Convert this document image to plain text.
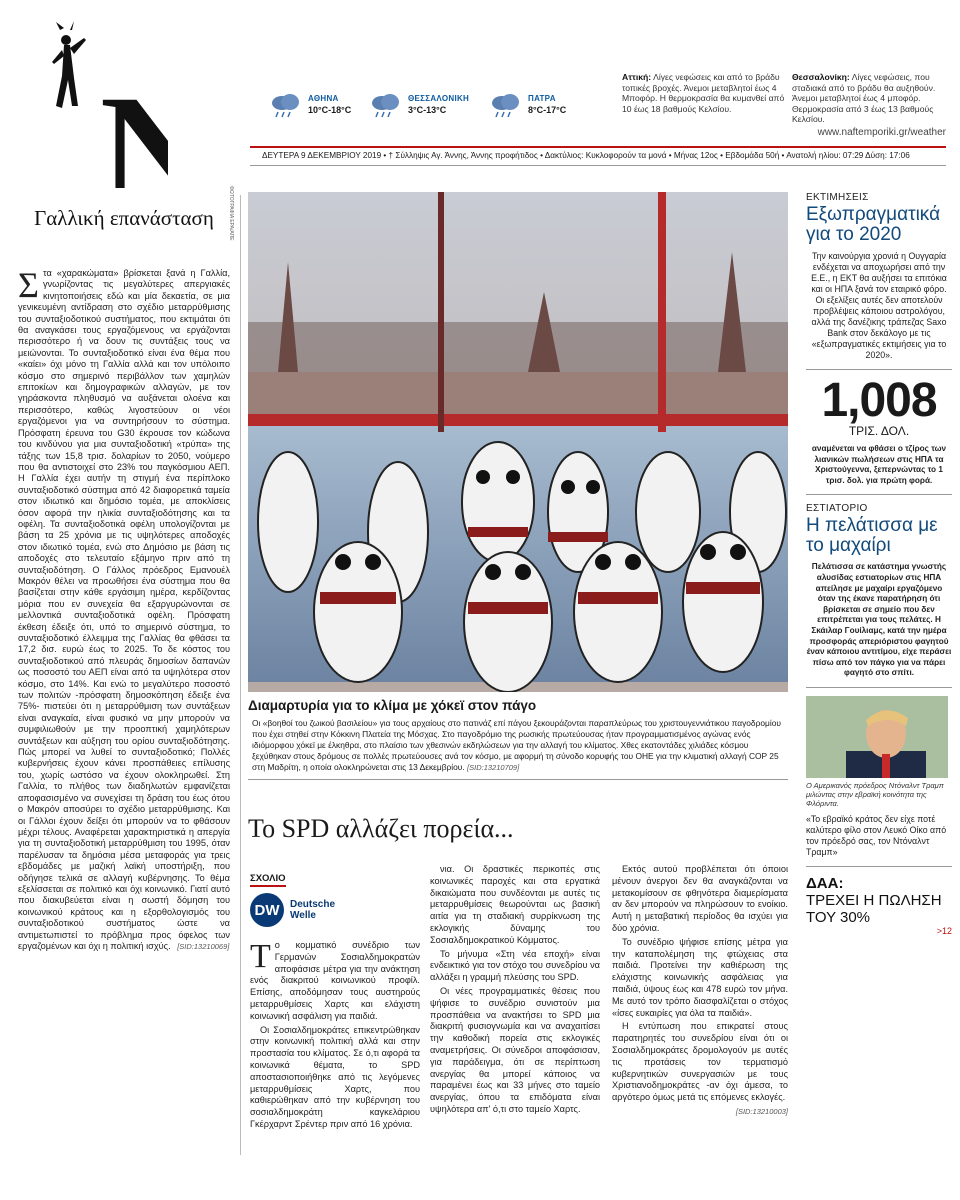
N	ΑΘΗΝΑ
10°C-18°C
ΘΕΣΣΑΛΟΝΙΚΗ
3°C-13°C
ΠΑΤΡΑ
8°C-17°C
Αττική: Λίγες νεφώσεις και από το βράδυ τοπικές βροχές. Άνεμοι μεταβλητοί έως 4 Μποφόρ. Η θερμοκρασία θα κυμανθεί από 10 έως 18 βαθμούς Κελσίου.
Θεσσαλονίκη: Λίγες νεφώσεις, που σταδιακά από το βράδυ θα αυξηθούν. Άνεμοι μεταβλητοί έως 4 μποφόρ. Θερμοκρασία από 3 έως 13 βαθμούς Κελσίου.
www.naftemporiki.gr/weather
ΔΕΥΤΕΡΑ 9 ΔΕΚΕΜΒΡΙΟΥ 2019 • † Σύλληψις Αγ. Άννης, Άννης προφήτιδος • Δακτύλιος: Κυκλοφορούν τα μονά • Μήνας 12ος • Εβδομάδα 50ή • Ανατολή ηλίου: 07:29 Δύση: 17:06
Γαλλική επανάσταση
Σ τα «χαρακώματα» βρίσκεται ξανά η Γαλλία, γνωρίζοντας τις μεγαλύτερες απεργιακές κινητοποιήσεις εδώ και μία δεκαετία, σε μια γενικευμένη αντίδραση στο σχέδιο μεταρρύθμισης του συνταξιοδοτικού συστήματος, που εκτιμάται ότι θα αναγκάσει τους εργαζόμενους να εργάζονται περισσότερο ή να δουν τις συντάξεις τους να μειώνονται. Το συνταξιοδοτικό είναι ένα θέμα που «καίει» όχι μόνο τη Γαλλία αλλά και τον υπόλοιπο κόσμο στο σημερινό περιβάλλον των χαμηλών επιτοκίων και δημογραφικών αλλαγών, με τον γηράσκοντα πληθυσμό να αυξάνεται ολοένα και περισσότερο, καθώς λιγοστεύουν οι νέοι εργαζόμενοι για να συντηρήσουν το σύστημα. Πρόσφατη έρευνα του G30 έκρουσε τον κώδωνα του κινδύνου για μια συνταξιοδοτική «τρύπα» της τάξης των 15,8 τρισ. δολαρίων το 2050, νούμερο που θα αντιστοιχεί στο 23% του παγκόσμιου ΑΕΠ. Η Γαλλία έχει αυτήν τη στιγμή ένα περίπλοκο συνταξιοδοτικό σύστημα από 42 διαφορετικά ταμεία στον ιδιωτικό και δημόσιο τομέα, με αποκλίσεις όσον αφορά την ηλικία συνταξιοδότησης και τα οφέλη. Τα συνταξιοδοτικά οφέλη υπολογίζονται με βάση τα 25 χρόνια με τις υψηλότερες αποδοχές στον ιδιωτικό τομέα, ενώ στο Δημόσιο με βάση τις αποδοχές στο τελευταίο εξάμηνο πριν από τη συνταξιοδότηση. Ο Γάλλος πρόεδρος Εμανουέλ Μακρόν θέλει να προωθήσει ένα σύστημα που θα βασίζεται στην κάθε εργάσιμη ημέρα, κερδίζοντας μόρια που εν συνεχεία θα εξαργυρώνονται σε μελλοντικά συνταξιοδοτικά οφέλη. Πρόσφατη έκθεση έδειξε ότι, υπό το σημερινό σύστημα, το συνταξιοδοτικό έλλειμμα της Γαλλίας θα φθάσει τα 17,2 δισ. ευρώ έως το 2025. Το δε κόστος του συνταξιοδοτικού από πλευράς δημοσίων δαπανών ως ποσοστό του ΑΕΠ είναι από τα υψηλότερα στον κόσμο, στο 14%. Και ενώ το μεγαλύτερο ποσοστό των πολιτών -πρόσφατη δημοσκόπηση έδειξε ένα 75%- πιστεύει ότι η μεταρρύθμιση των συντάξεων είναι αναγκαία, είναι φυσικό να μην μπορούν να συμφιλιωθούν με την προοπτική χαμηλότερων συντάξεων και αύξηση του ορίου συνταξιοδότησης. Πώς μπορεί να λυθεί το συνταξιοδοτικό; Πολλές κυβερνήσεις έχουν κάνει προσπάθειες επίλυσης του, χωρίς ωστόσο να έχουν ολοκληρωθεί. Στη Γαλλία, το πλήθος των διαδηλωτών εμφανίζεται αποφασισμένο να συνεχίσει τη δράση του έως ότου ο Μακρόν αποσύρει το σχέδιο μεταρρύθμισης. Και οι Γάλλοι έχουν δείξει ότι μπορούν να το φθάσουν μέχρι τέλους. Αναφέρεται χαρακτηριστικά η απεργία για τη συνταξιοδοτική μεταρρύθμιση του 1995, όταν παρέλυσαν τα δημόσια μέσα μεταφοράς για τρεις εβδομάδες με μαζική λαϊκή υποστήριξη, που οδήγησε τελικά σε αλλαγή κυβέρνησης. Το θέμα εξελίσσεται σε πολιτικό και όχι κοινωνικό. Γιατί αυτό που διακυβεύεται είναι η σωστή δόμηση του κοινωνικού κράτους και η εξορθολογισμός του συνταξιοδοτικού συστήματος ώστε να αντιμετωπιστεί το πρόβλημα προς όφελος των εργαζομένων και όχι η πολιτική ισχύς. [SID:13210069]
ΦΩΤΟΓΡΑΦΙΑ EPA/ΑΠΕ
Διαμαρτυρία για το κλίμα με χόκεϊ στον πάγο
Οι «βοηθοί του ζωικού βασιλείου» για τους αρχαίους στο πατινάζ επί πάγου ξεκουράζονται παραπλεύρως του χριστουγεννιάτικου παγοδρομίου που έχει στηθεί στην Κόκκινη Πλατεία της Μόσχας. Στο παγοδρόμιο της ρωσικής πρωτεύουσας ήταν προγραμματισμένος αγώνας ενός ιδιόμορφου χόκεϊ με έλκηθρα, στο πλαίσιο των χθεσινών εκδηλώσεων για την αλλαγή του κλίματος. Χθες εκατοντάδες χιλιάδες κόσμου ξεχύθηκαν στους δρόμους σε πολλές πρωτεύουσες ανά τον κόσμο, με αφορμή τη σύνοδο κορυφής του ΟΗΕ για την κλιματική αλλαγή COP 25 στη Μαδρίτη, η οποία ολοκληρώνεται στις 13 Δεκεμβρίου. [SID:13210709]
Το SPD αλλάζει πορεία...
ΣΧΟΛΙΟ
DW	Deutsche
Welle
Τ ο κομματικό συνέδριο των Γερμανών Σοσιαλδημοκρατών αποφάσισε μέτρα για την ανάκτηση ενός διακριτού κοινωνικού προφίλ. Επίσης, αποδόμησαν τους αυστηρούς μεταρρυθμίσεις Χαρτς και ελάχιστη κοινωνική ασφάλιση για παιδιά.

Οι Σοσιαλδημοκράτες επικεντρώθηκαν στην κοινωνική πολιτική αλλά και στην προστασία του κλίματος. Σε ό,τι αφορά τα κοινωνικά θέματα, το SPD αποστασιοποιήθηκε από τις λεγόμενες μεταρρυθμίσεις Χαρτς, που καθιερώθηκαν από την κυβέρνηση του σοσιαλδημοκράτη καγκελάριου Γκέρχαρντ Σρέντερ πριν από 16 χρόνια.

νια. Οι δραστικές περικοπές στις κοινωνικές παροχές και στα εργατικά δικαιώματα που συνδέονται με αυτές τις μεταρρυθμίσεις θεωρούνται ως βασική αιτία για τη σταδιακή συρρίκνωση της εκλογικής δύναμης του Σοσιαλδημοκρατικού Κόμματος.

Το μήνυμα «Στη νέα εποχή» είναι ενδεικτικό για τον στόχο του συνεδρίου να αλλάξει η γραμμή πλεύσης του SPD.

Οι νέες προγραμματικές θέσεις που ψήφισε το συνέδριο συνιστούν μια προσπάθεια να ανακτήσει το SPD μια διακριτή φυσιογνωμία και να αναχαιτίσει την καθοδική πορεία στις εκλογικές αναμετρήσεις. Οι σύνεδροι αποφάσισαν, για παράδειγμα, ότι σε περίπτωση ανεργίας θα μπορεί κάποιος να παραμένει έως και 33 μήνες στο ταμείο ανεργίας, όπου τα επιδόματα είναι υψηλότερα απ' ό,τι στο ταμείο Χαρτς.

Εκτός αυτού προβλέπεται ότι όποιοι μένουν άνεργοι δεν θα αναγκάζονται να μετακομίσουν σε φθηνότερα διαμερίσματα αν δεν μπορούν να πληρώσουν το ενοίκιο. Αυτή η μεταβατική περίοδος θα ισχύει για δύο χρόνια.

Το συνέδριο ψήφισε επίσης μέτρα για την καταπολέμηση της φτώχειας στα παιδιά. Προτείνει την καθιέρωση της ελάχιστης κοινωνικής ασφάλειας για παιδιά, ύψους έως και 478 ευρώ τον μήνα. Με αυτό τον τρόπο διασφαλίζεται ο στόχος «ίσες ευκαιρίες για όλα τα παιδιά».

Η εντύπωση που επικρατεί στους παρατηρητές του συνεδρίου είναι ότι οι Σοσιαλδημοκράτες δρομολογούν με αυτές τις προτάσεις τον τερματισμό κυβερνητικών συνεργασιών με τους Χριστιανοδημοκράτες -αν όχι άμεσα, το αργότερο όμως μετά τις επόμενες εκλογές.

[SID:13210003]
ΕΚΤΙΜΗΣΕΙΣ
Εξωπραγματικά για το 2020
Την καινούργια χρονιά η Ουγγαρία ενδέχεται να αποχωρήσει από την Ε.Ε., η ΕΚΤ θα αυξήσει τα επιτόκια και οι ΗΠΑ ξανά τον εταιρικό φόρο. Οι εξελίξεις αυτές δεν αποτελούν προβλέψεις κάποιου αστρολόγου, αλλά της δανέζικης τράπεζας Saxo Bank στον δεκάλογο με τις «εξωπραγματικές εκτιμήσεις για το 2020».
1,008
ΤΡΙΣ. ΔΟΛ.
αναμένεται να φθάσει ο τζίρος των λιανικών πωλήσεων στις ΗΠΑ τα Χριστούγεννα, ξεπερνώντας το 1 τρισ. δολ. για πρώτη φορά.
ΕΣΤΙΑΤΟΡΙΟ
Η πελάτισσα με το μαχαίρι
Πελάτισσα σε κατάστημα γνωστής αλυσίδας εστιατορίων στις ΗΠΑ απείλησε με μαχαίρι εργαζόμενο όταν της έκανε παρατήρηση ότι βρίσκεται σε σημείο που δεν επιτρέπεται για τους πελάτες. Η Σκάιλαρ Γουίλιαμς, κατά την ημέρα προσφοράς απεριόριστου φαγητού έναν κάποιου αντιτίμου, είχε περάσει πίσω από τον πάγκο για να πάρει φαγητό στο σπίτι.
Ο Αμερικανός πρόεδρος Ντόναλντ Τραμπ μιλώντας στην εβραϊκή κοινότητα της Φλόριντα.
«Το εβραϊκό κράτος δεν είχε ποτέ καλύτερο φίλο στον Λευκό Οίκο από τον πρόεδρό σας, τον Ντόναλντ Τραμπ»
ΔΑΑ:
ΤΡΕΧΕΙ Η ΠΩΛΗΣΗ ΤΟΥ 30%
>12
